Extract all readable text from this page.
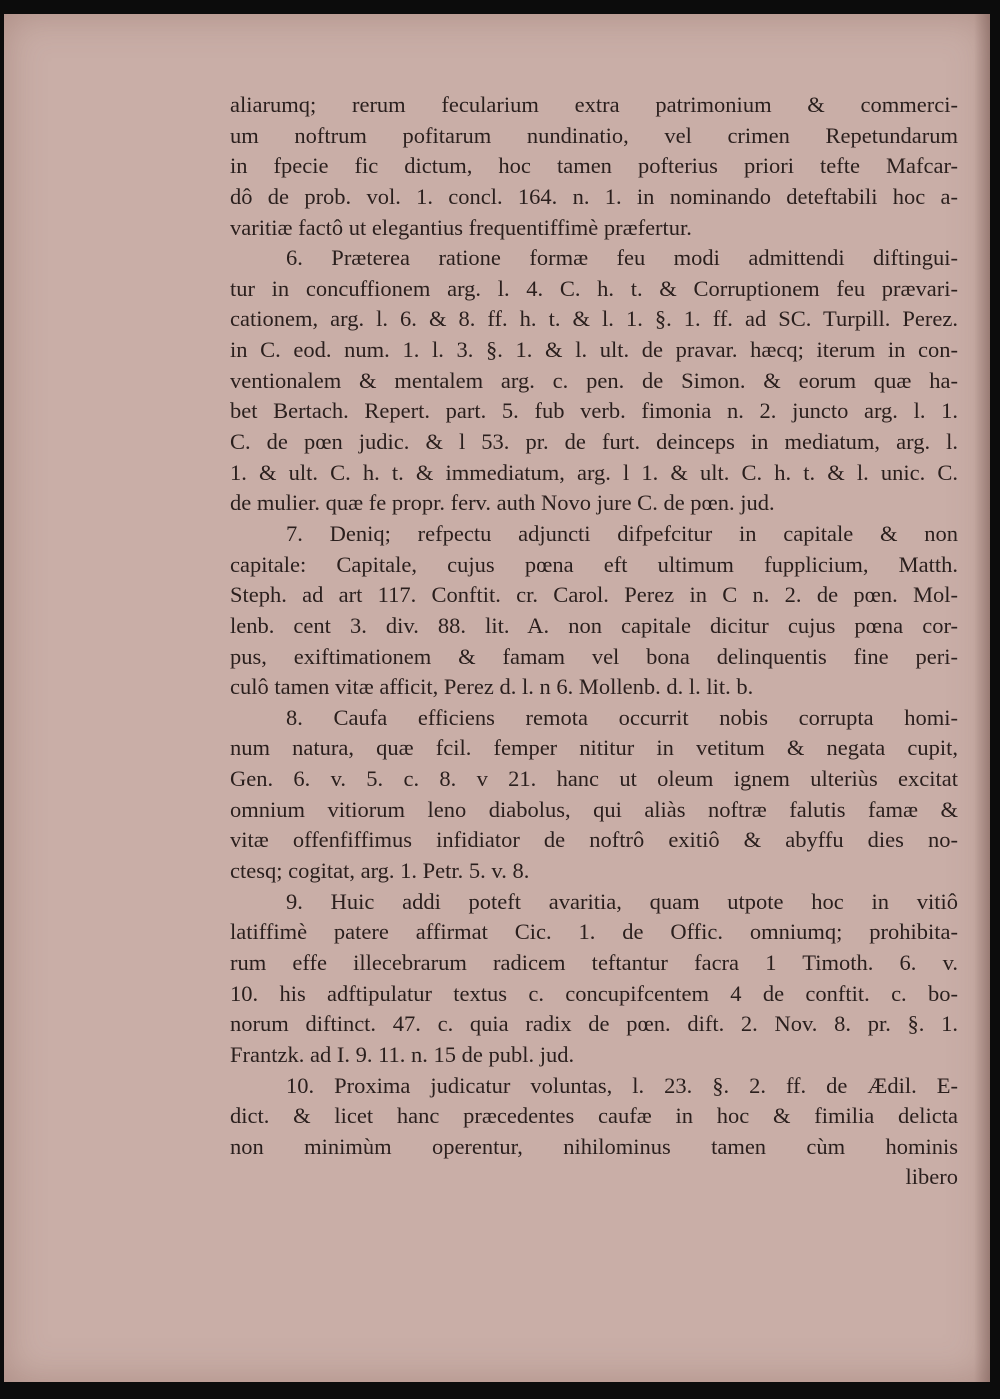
aliarumq; rerum fecularium extra patrimonium & commerci-
um noftrum pofitarum nundinatio, vel crimen Repetundarum
in fpecie fic dictum, hoc tamen pofterius priori tefte Mafcar-
dô de prob. vol. 1. concl. 164. n. 1. in nominando deteftabili hoc a-
varitiæ factô ut elegantius frequentiffimè præfertur.
6. Præterea ratione formæ feu modi admittendi diftingui-
tur in concuffionem arg. l. 4. C. h. t. & Corruptionem feu prævari-
cationem, arg. l. 6. & 8. ff. h. t. & l. 1. §. 1. ff. ad SC. Turpill. Perez.
in C. eod. num. 1. l. 3. §. 1. & l. ult. de pravar. hæcq; iterum in con-
ventionalem & mentalem arg. c. pen. de Simon. & eorum quæ ha-
bet Bertach. Repert. part. 5. fub verb. fimonia n. 2. juncto arg. l. 1.
C. de pœn judic. & l 53. pr. de furt. deinceps in mediatum, arg. l.
1. & ult. C. h. t. & immediatum, arg. l 1. & ult. C. h. t. & l. unic. C.
de mulier. quæ fe propr. ferv. auth Novo jure C. de pœn. jud.
7. Deniq; refpectu adjuncti difpefcitur in capitale & non
capitale: Capitale, cujus pœna eft ultimum fupplicium, Matth.
Steph. ad art 117. Conftit. cr. Carol. Perez in C n. 2. de pœn. Mol-
lenb. cent 3. div. 88. lit. A. non capitale dicitur cujus pœna cor-
pus, exiftimationem & famam vel bona delinquentis fine peri-
culô tamen vitæ afficit, Perez d. l. n 6. Mollenb. d. l. lit. b.
8. Caufa efficiens remota occurrit nobis corrupta homi-
num natura, quæ fcil. femper nititur in vetitum & negata cupit,
Gen. 6. v. 5. c. 8. v 21. hanc ut oleum ignem ulteriùs excitat
omnium vitiorum leno diabolus, qui aliàs noftræ falutis famæ &
vitæ offenfiffimus infidiator de noftrô exitiô & abyffu dies no-
ctesq; cogitat, arg. 1. Petr. 5. v. 8.
9. Huic addi poteft avaritia, quam utpote hoc in vitiô
latiffimè patere affirmat Cic. 1. de Offic. omniumq; prohibita-
rum effe illecebrarum radicem teftantur facra 1 Timoth. 6. v.
10. his adftipulatur textus c. concupifcentem 4 de conftit. c. bo-
norum diftinct. 47. c. quia radix de pœn. dift. 2. Nov. 8. pr. §. 1.
Frantzk. ad I. 9. 11. n. 15 de publ. jud.
10. Proxima judicatur voluntas, l. 23. §. 2. ff. de Ædil. E-
dict. & licet hanc præcedentes caufæ in hoc & fimilia delicta
non minimùm operentur, nihilominus tamen cùm hominis
libero
